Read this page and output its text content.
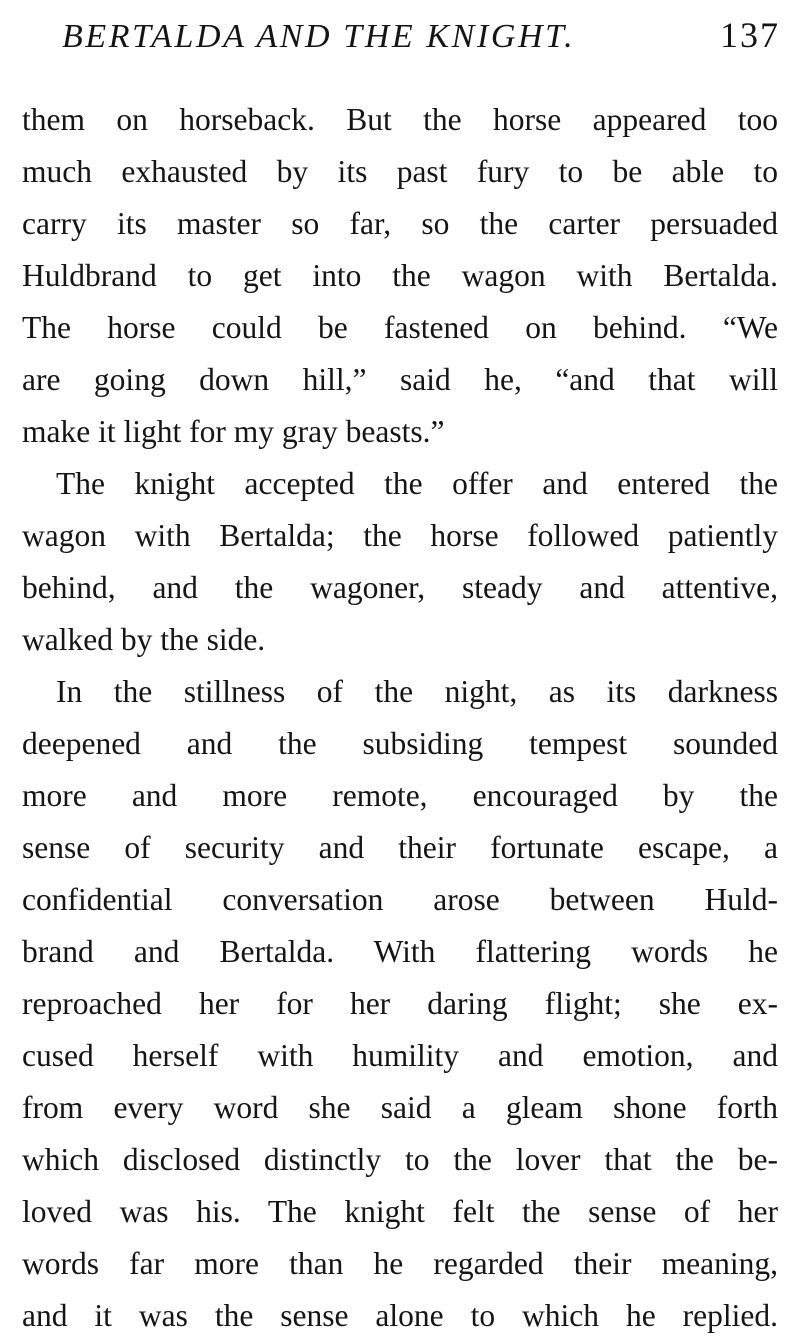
BERTALDA AND THE KNIGHT.	137
them on horseback. But the horse appeared too
much exhausted by its past fury to be able to
carry its master so far, so the carter persuaded
Huldbrand to get into the wagon with Bertalda.
The horse could be fastened on behind. “We
are going down hill,” said he, “and that will
make it light for my gray beasts.”
The knight accepted the offer and entered the
wagon with Bertalda; the horse followed patiently
behind, and the wagoner, steady and attentive,
walked by the side.
In the stillness of the night, as its darkness
deepened and the subsiding tempest sounded
more and more remote, encouraged by the
sense of security and their fortunate escape, a
confidential conversation arose between Huld-
brand and Bertalda. With flattering words he
reproached her for her daring flight; she ex-
cused herself with humility and emotion, and
from every word she said a gleam shone forth
which disclosed distinctly to the lover that the be-
loved was his. The knight felt the sense of her
words far more than he regarded their meaning,
and it was the sense alone to which he replied.
